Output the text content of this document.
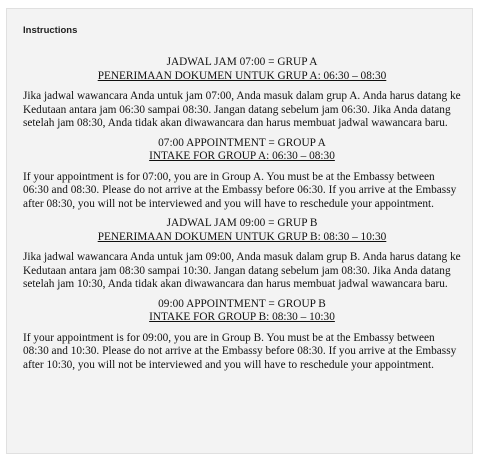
Instructions
JADWAL JAM 07:00 = GRUP A
PENERIMAAN DOKUMEN UNTUK GRUP A: 06:30 – 08:30
Jika jadwal wawancara Anda untuk jam 07:00, Anda masuk dalam grup A. Anda harus datang ke Kedutaan antara jam 06:30 sampai 08:30. Jangan datang sebelum jam 06:30. Jika Anda datang setelah jam 08:30, Anda tidak akan diwawancara dan harus membuat jadwal wawancara baru.
07:00 APPOINTMENT = GROUP A
INTAKE FOR GROUP A: 06:30 – 08:30
If your appointment is for 07:00, you are in Group A. You must be at the Embassy between 06:30 and 08:30. Please do not arrive at the Embassy before 06:30. If you arrive at the Embassy after 08:30, you will not be interviewed and you will have to reschedule your appointment.
JADWAL JAM 09:00 = GRUP B
PENERIMAAN DOKUMEN UNTUK GRUP B: 08:30 – 10:30
Jika jadwal wawancara Anda untuk jam 09:00, Anda masuk dalam grup B. Anda harus datang ke Kedutaan antara jam 08:30 sampai 10:30. Jangan datang sebelum jam 08:30. Jika Anda datang setelah jam 10:30, Anda tidak akan diwawancara dan harus membuat jadwal wawancara baru.
09:00 APPOINTMENT = GROUP B
INTAKE FOR GROUP B: 08:30 – 10:30
If your appointment is for 09:00, you are in Group B. You must be at the Embassy between 08:30 and 10:30. Please do not arrive at the Embassy before 08:30. If you arrive at the Embassy after 10:30, you will not be interviewed and you will have to reschedule your appointment.
